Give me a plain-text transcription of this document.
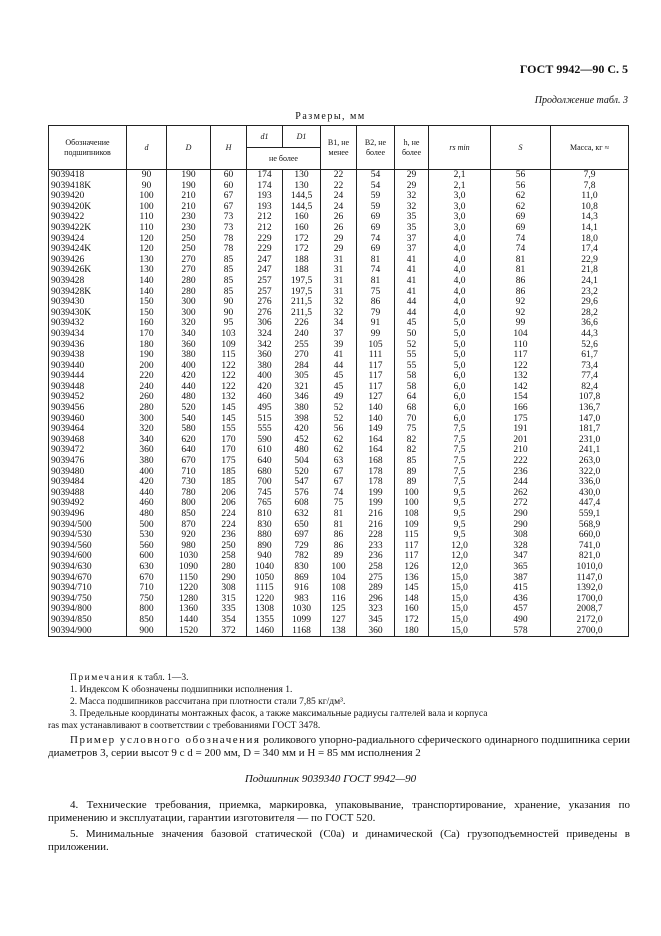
ГОСТ 9942—90 С. 5
Продолжение табл. 3
Размеры, мм
Обозначение подшипников	d	D	H	d1	D1	B1, не менее	B2, не более	h, не более	rs min	S	Масса, кг ≈
				не более							
9039418	90	190	60	174	130	22	54	29	2,1	56	7,9
9039418K	90	190	60	174	130	22	54	29	2,1	56	7,8
9039420	100	210	67	193	144,5	24	59	32	3,0	62	11,0
9039420K	100	210	67	193	144,5	24	59	32	3,0	62	10,8
9039422	110	230	73	212	160	26	69	35	3,0	69	14,3
9039422K	110	230	73	212	160	26	69	35	3,0	69	14,1
9039424	120	250	78	229	172	29	74	37	4,0	74	18,0
9039424K	120	250	78	229	172	29	69	37	4,0	74	17,4
9039426	130	270	85	247	188	31	81	41	4,0	81	22,9
9039426K	130	270	85	247	188	31	74	41	4,0	81	21,8
9039428	140	280	85	257	197,5	31	81	41	4,0	86	24,1
9039428K	140	280	85	257	197,5	31	75	41	4,0	86	23,2
9039430	150	300	90	276	211,5	32	86	44	4,0	92	29,6
9039430K	150	300	90	276	211,5	32	79	44	4,0	92	28,2
9039432	160	320	95	306	226	34	91	45	5,0	99	36,6
9039434	170	340	103	324	240	37	99	50	5,0	104	44,3
9039436	180	360	109	342	255	39	105	52	5,0	110	52,6
9039438	190	380	115	360	270	41	111	55	5,0	117	61,7
9039440	200	400	122	380	284	44	117	55	5,0	122	73,4
9039444	220	420	122	400	305	45	117	58	6,0	132	77,4
9039448	240	440	122	420	321	45	117	58	6,0	142	82,4
9039452	260	480	132	460	346	49	127	64	6,0	154	107,8
9039456	280	520	145	495	380	52	140	68	6,0	166	136,7
9039460	300	540	145	515	398	52	140	70	6,0	175	147,0
9039464	320	580	155	555	420	56	149	75	7,5	191	181,7
9039468	340	620	170	590	452	62	164	82	7,5	201	231,0
9039472	360	640	170	610	480	62	164	82	7,5	210	241,1
9039476	380	670	175	640	504	63	168	85	7,5	222	263,0
9039480	400	710	185	680	520	67	178	89	7,5	236	322,0
9039484	420	730	185	700	547	67	178	89	7,5	244	336,0
9039488	440	780	206	745	576	74	199	100	9,5	262	430,0
9039492	460	800	206	765	608	75	199	100	9,5	272	447,4
9039496	480	850	224	810	632	81	216	108	9,5	290	559,1
90394/500	500	870	224	830	650	81	216	109	9,5	290	568,9
90394/530	530	920	236	880	697	86	228	115	9,5	308	660,0
90394/560	560	980	250	890	729	86	233	117	12,0	328	741,0
90394/600	600	1030	258	940	782	89	236	117	12,0	347	821,0
90394/630	630	1090	280	1040	830	100	258	126	12,0	365	1010,0
90394/670	670	1150	290	1050	869	104	275	136	15,0	387	1147,0
90394/710	710	1220	308	1115	916	108	289	145	15,0	415	1392,0
90394/750	750	1280	315	1220	983	116	296	148	15,0	436	1700,0
90394/800	800	1360	335	1308	1030	125	323	160	15,0	457	2008,7
90394/850	850	1440	354	1355	1099	127	345	172	15,0	490	2172,0
90394/900	900	1520	372	1460	1168	138	360	180	15,0	578	2700,0
Примечания к табл. 1—3.
1. Индексом K обозначены подшипники исполнения 1.
2. Масса подшипников рассчитана при плотности стали 7,85 кг/дм³.
3. Предельные координаты монтажных фасок, а также максимальные радиусы галтелей вала и корпуса
ras max устанавливают в соответствии с требованиями ГОСТ 3478.
Пример условного обозначения роликового упорно-радиального сферического одинарного подшипника серии диаметров 3, серии высот 9 с d = 200 мм, D = 340 мм и H = 85 мм исполнения 2
Подшипник 9039340 ГОСТ 9942—90
4. Технические требования, приемка, маркировка, упаковывание, транспортирование, хранение, указания по применению и эксплуатации, гарантии изготовителя — по ГОСТ 520.
5. Минимальные значения базовой статической (C0a) и динамической (Ca) грузоподъемностей приведены в приложении.
